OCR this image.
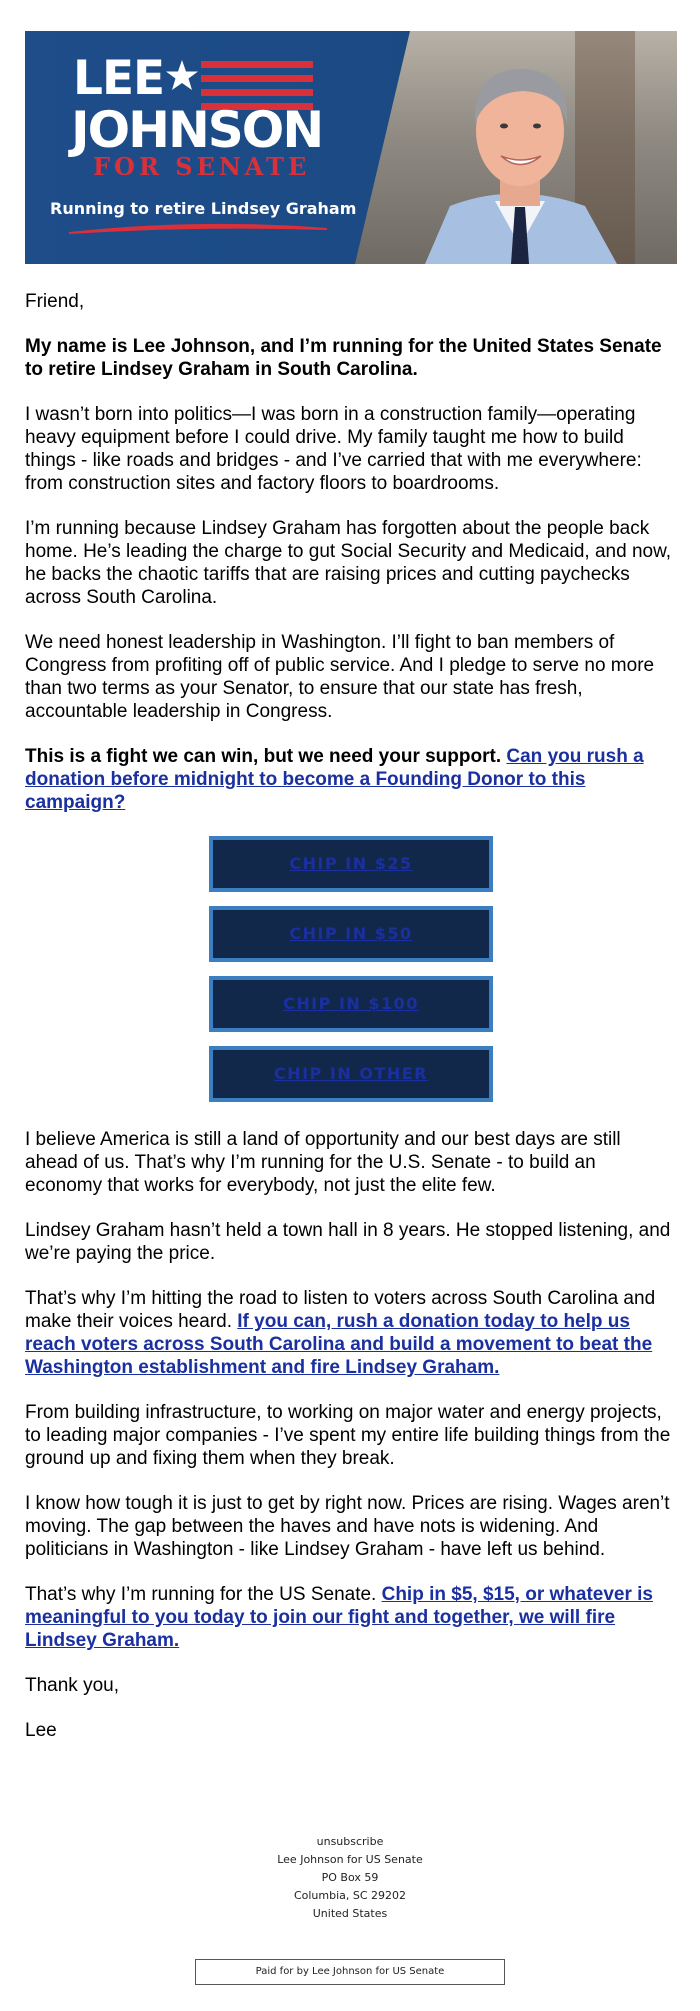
LEE
JOHNSON
FOR SENATE
Running to retire Lindsey Graham

Friend,

My name is Lee Johnson, and I’m running for the United States Senate to retire Lindsey Graham in South Carolina.

I wasn’t born into politics—I was born in a construction family—operating heavy equipment before I could drive. My family taught me how to build things - like roads and bridges - and I’ve carried that with me everywhere: from construction sites and factory floors to boardrooms.

I’m running because Lindsey Graham has forgotten about the people back home. He’s leading the charge to gut Social Security and Medicaid, and now, he backs the chaotic tariffs that are raising prices and cutting paychecks across South Carolina.

We need honest leadership in Washington. I’ll fight to ban members of Congress from profiting off of public service. And I pledge to serve no more than two terms as your Senator, to ensure that our state has fresh, accountable leadership in Congress.

This is a fight we can win, but we need your support. Can you rush a donation before midnight to become a Founding Donor to this campaign?

CHIP IN $25
CHIP IN $50
CHIP IN $100
CHIP IN OTHER

I believe America is still a land of opportunity and our best days are still ahead of us. That’s why I’m running for the U.S. Senate - to build an economy that works for everybody, not just the elite few.

Lindsey Graham hasn’t held a town hall in 8 years. He stopped listening, and we’re paying the price.

That’s why I’m hitting the road to listen to voters across South Carolina and make their voices heard. If you can, rush a donation today to help us reach voters across South Carolina and build a movement to beat the Washington establishment and fire Lindsey Graham.

From building infrastructure, to working on major water and energy projects, to leading major companies - I’ve spent my entire life building things from the ground up and fixing them when they break.

I know how tough it is just to get by right now. Prices are rising. Wages aren’t moving. The gap between the haves and have nots is widening. And politicians in Washington - like Lindsey Graham - have left us behind.

That’s why I’m running for the US Senate. Chip in $5, $15, or whatever is meaningful to you today to join our fight and together, we will fire Lindsey Graham.

Thank you,

Lee

unsubscribe
Lee Johnson for US Senate
PO Box 59
Columbia, SC 29202
United States
Paid for by Lee Johnson for US Senate
